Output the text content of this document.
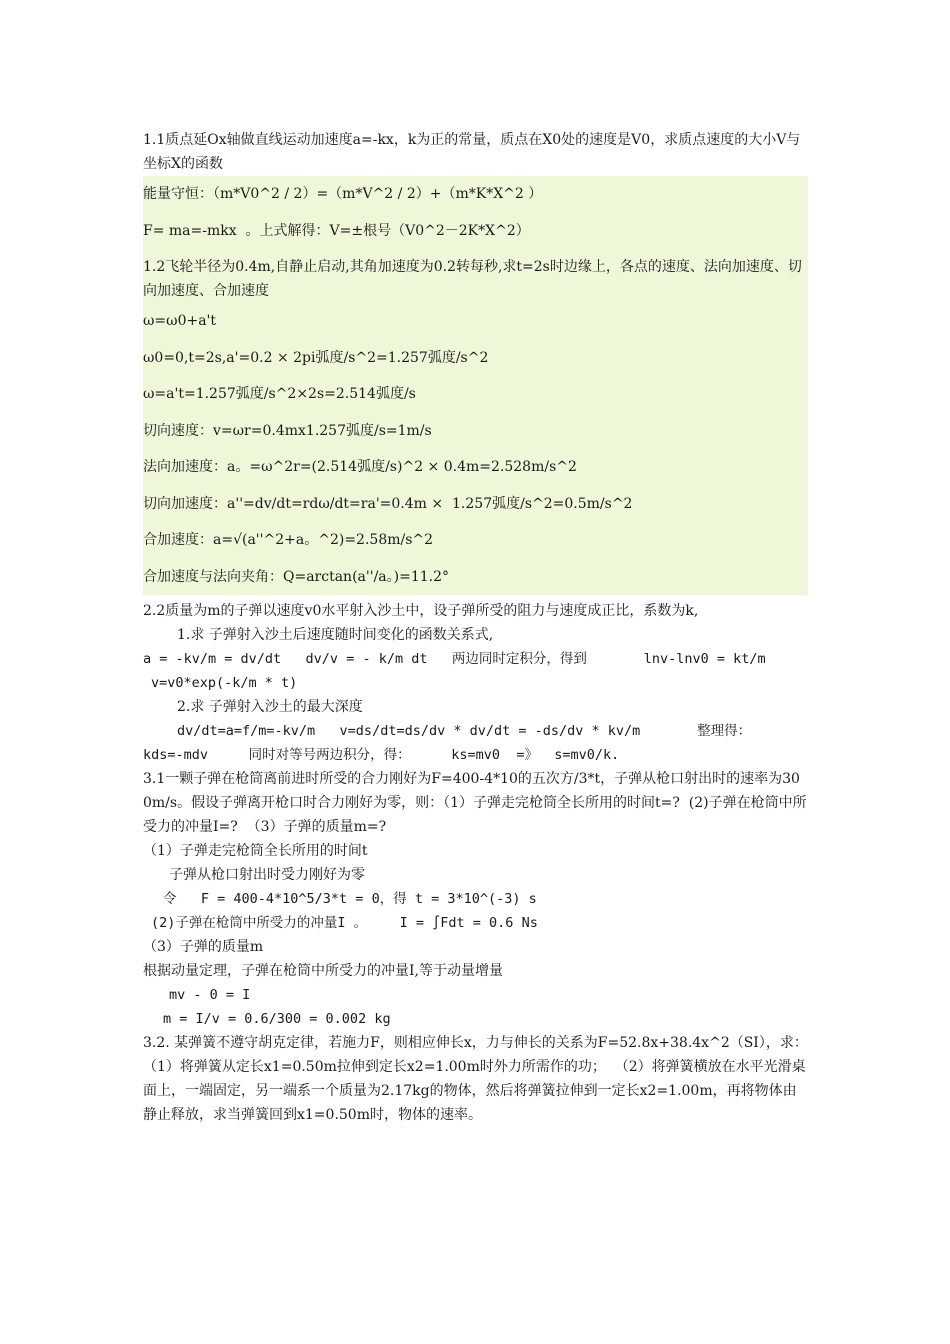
1.1质点延Ox轴做直线运动加速度a=-kx，k为正的常量，质点在X0处的速度是V0，求质点速度的大小V与坐标X的函数

能量守恒：（m*V0^2 / 2）=（m*V^2 / 2）+（m*K*X^2 ）

F= ma=-mkx  。上式解得：V=±根号（V0^2－2K*X^2）

1.2飞轮半径为0.4m,自静止启动,其角加速度为0.2转每秒,求t=2s时边缘上，各点的速度、法向加速度、切向加速度、合加速度

ω=ω0+a't

ω0=0,t=2s,a'=0.2 × 2pi弧度/s^2=1.257弧度/s^2

ω=a't=1.257弧度/s^2×2s=2.514弧度/s

切向速度：v=ωr=0.4mx1.257弧度/s=1m/s

法向加速度：a。=ω^2r=(2.514弧度/s)^2 × 0.4m=2.528m/s^2

切向加速度：a''=dv/dt=rdω/dt=ra'=0.4m ×  1.257弧度/s^2=0.5m/s^2

合加速度：a=√(a''^2+a。^2)=2.58m/s^2

合加速度与法向夹角：Q=arctan(a''/a。)=11.2°

2.2质量为m的子弹以速度v0水平射入沙土中，设子弹所受的阻力与速度成正比，系数为k,

1.求 子弹射入沙土后速度随时间变化的函数关系式,

a = -kv/m = dv/dt   dv/v = - k/m dt   两边同时定积分，得到       lnv-lnv0 = kt/m

v=v0*exp(-k/m * t)

2.求 子弹射入沙土的最大深度

dv/dt=a=f/m=-kv/m   v=ds/dt=ds/dv * dv/dt = -ds/dv * kv/m       整理得：

kds=-mdv     同时对等号两边积分，得：     ks=mv0  =》  s=mv0/k.

3.1一颗子弹在枪筒离前进时所受的合力刚好为F=400-4*10的五次方/3*t，子弹从枪口射出时的速率为300m/s。假设子弹离开枪口时合力刚好为零，则：（1）子弹走完枪筒全长所用的时间t=?  (2)子弹在枪筒中所受力的冲量I=?  （3）子弹的质量m=?

（1）子弹走完枪筒全长所用的时间t

子弹从枪口射出时受力刚好为零

令   F = 400-4*10^5/3*t = 0，得 t = 3*10^(-3) s

(2)子弹在枪筒中所受力的冲量I 。    I = ∫Fdt = 0.6 Ns

（3）子弹的质量m

根据动量定理，子弹在枪筒中所受力的冲量I,等于动量增量

mv - 0 = I

m = I/v = 0.6/300 = 0.002 kg

3.2. 某弹簧不遵守胡克定律，若施力F，则相应伸长x，力与伸长的关系为F=52.8x+38.4x^2（SI），求：  （1）将弹簧从定长x1=0.50m拉伸到定长x2=1.00m时外力所需作的功；  （2）将弹簧横放在水平光滑桌面上，一端固定，另一端系一个质量为2.17kg的物体，然后将弹簧拉伸到一定长x2=1.00m，再将物体由静止释放，求当弹簧回到x1=0.50m时，物体的速率。
